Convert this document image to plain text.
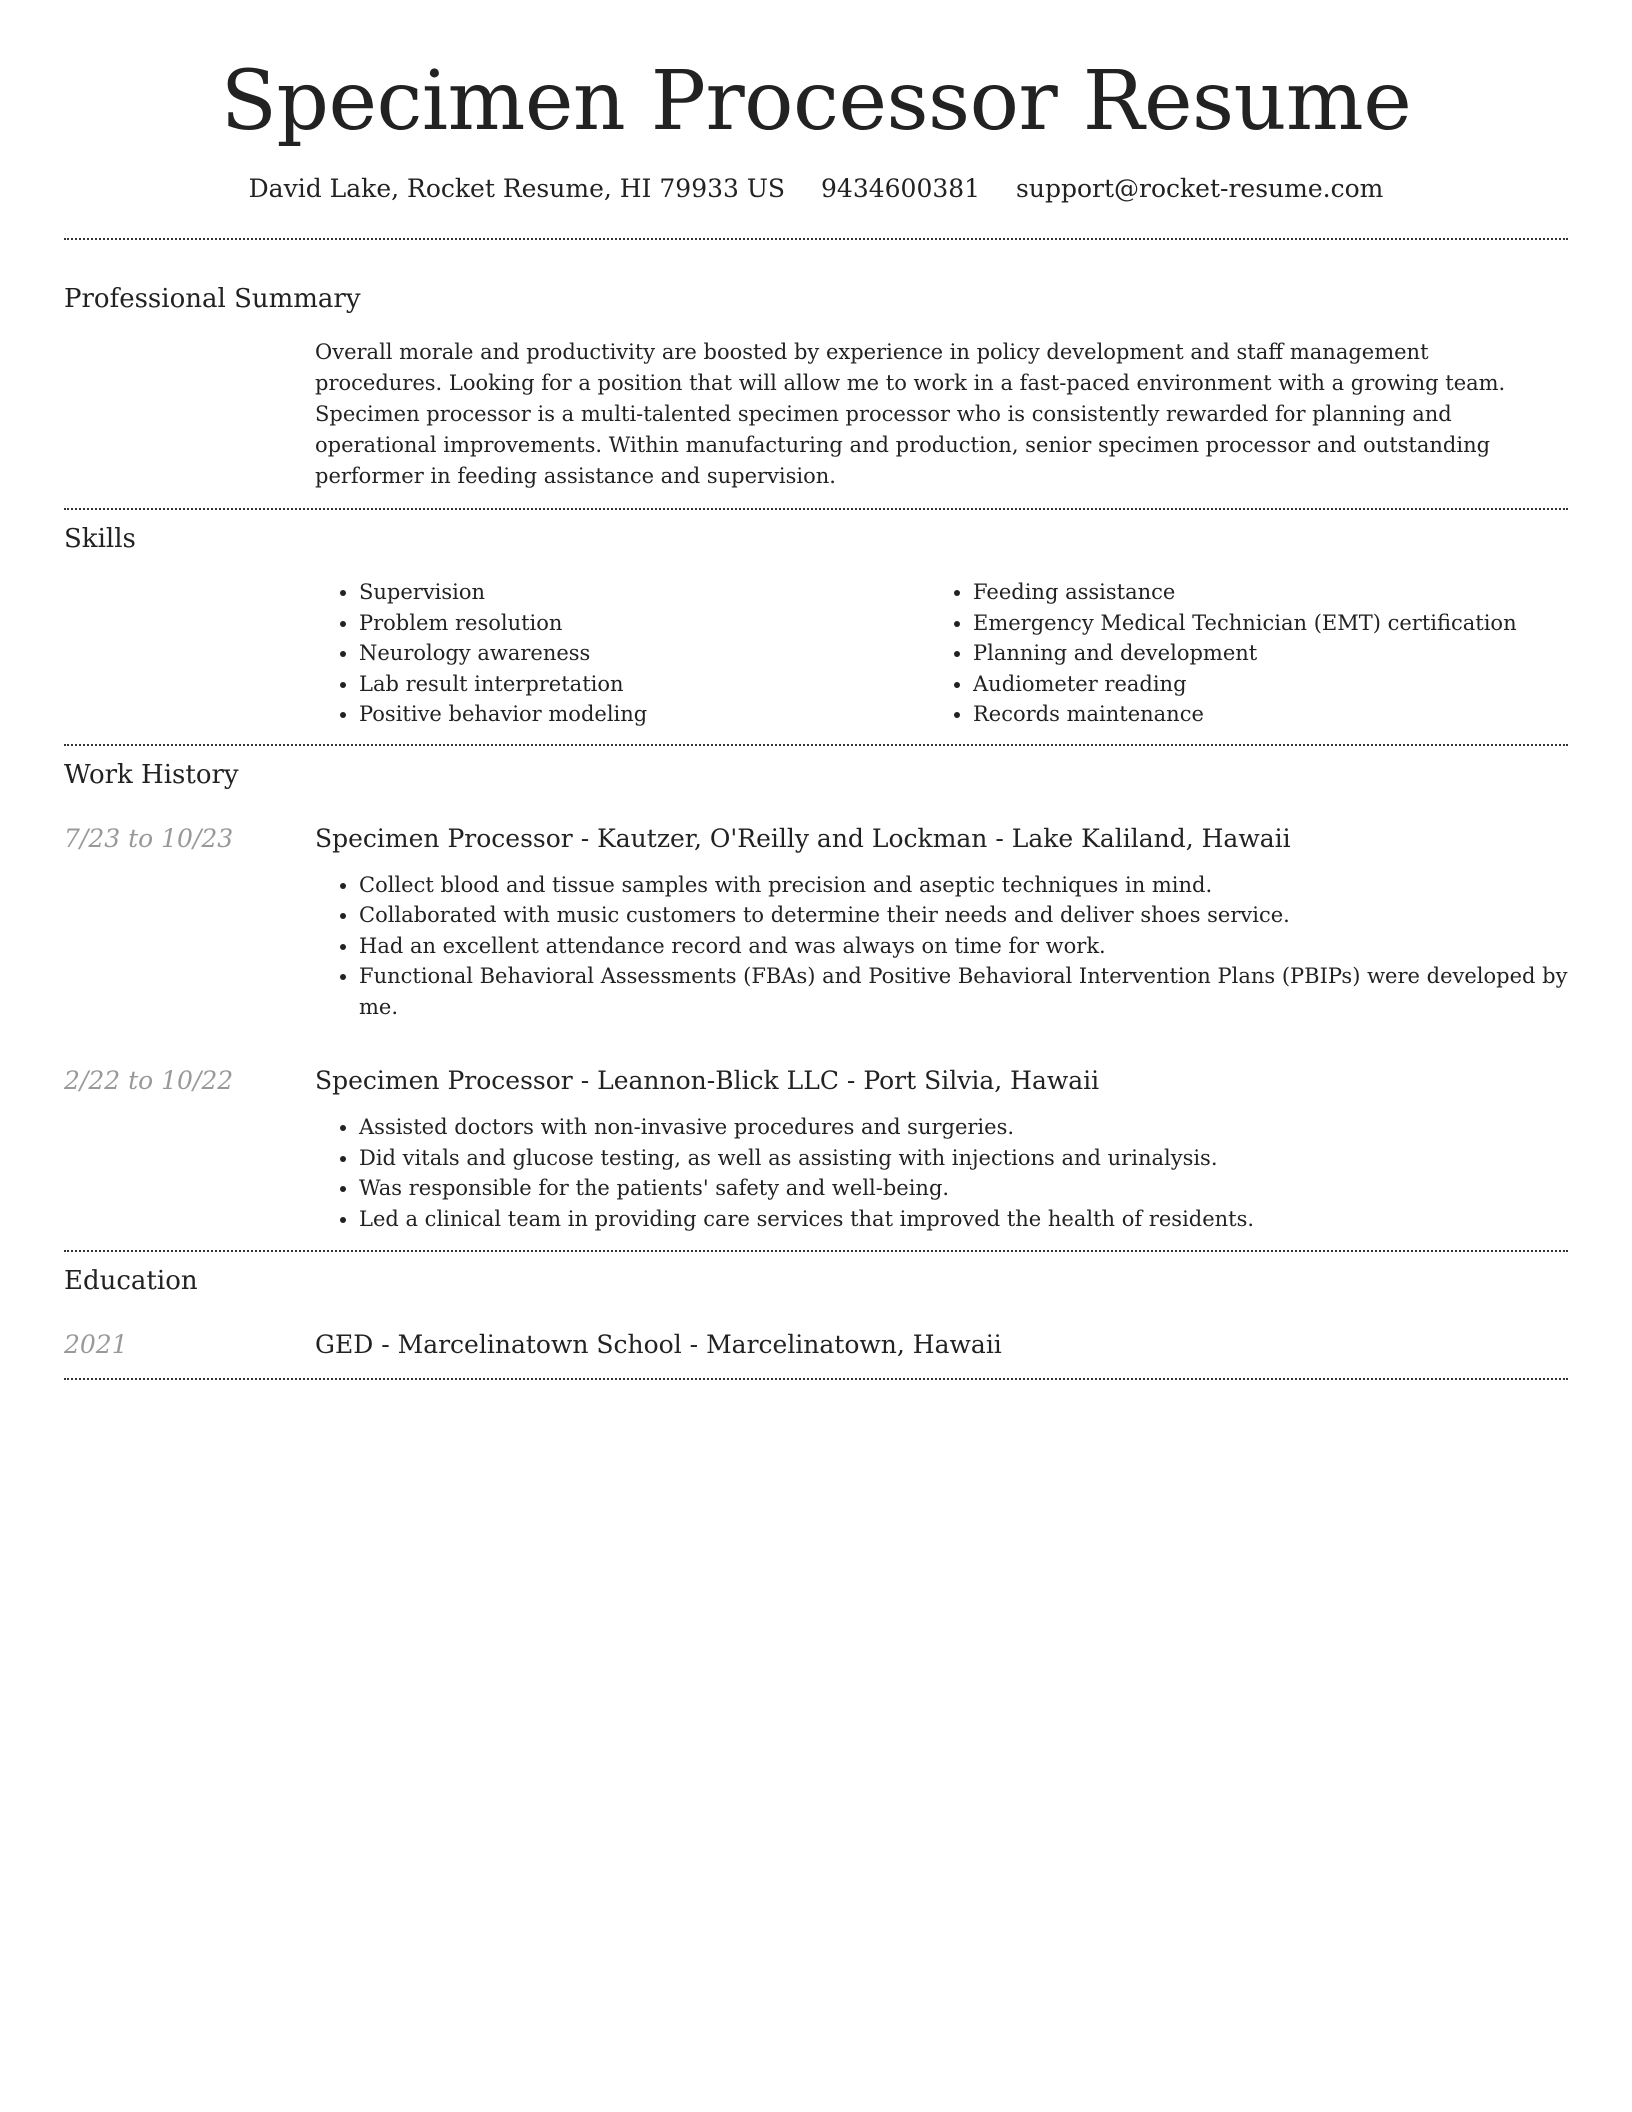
Specimen Processor Resume
David Lake, Rocket Resume, HI 79933 US 9434600381 support@rocket-resume.com
Professional Summary
Overall morale and productivity are boosted by experience in policy development and staff management procedures. Looking for a position that will allow me to work in a fast-paced environment with a growing team. Specimen processor is a multi-talented specimen processor who is consistently rewarded for planning and operational improvements. Within manufacturing and production, senior specimen processor and outstanding performer in feeding assistance and supervision.
Skills
• Supervision
• Problem resolution
• Neurology awareness
• Lab result interpretation
• Positive behavior modeling
• Feeding assistance
• Emergency Medical Technician (EMT) certification
• Planning and development
• Audiometer reading
• Records maintenance
Work History
7/23 to 10/23	Specimen Processor - Kautzer, O'Reilly and Lockman - Lake Kaliland, Hawaii
• Collect blood and tissue samples with precision and aseptic techniques in mind.
• Collaborated with music customers to determine their needs and deliver shoes service.
• Had an excellent attendance record and was always on time for work.
• Functional Behavioral Assessments (FBAs) and Positive Behavioral Intervention Plans (PBIPs) were developed by me.
2/22 to 10/22	Specimen Processor - Leannon-Blick LLC - Port Silvia, Hawaii
• Assisted doctors with non-invasive procedures and surgeries.
• Did vitals and glucose testing, as well as assisting with injections and urinalysis.
• Was responsible for the patients' safety and well-being.
• Led a clinical team in providing care services that improved the health of residents.
Education
2021	GED - Marcelinatown School - Marcelinatown, Hawaii
